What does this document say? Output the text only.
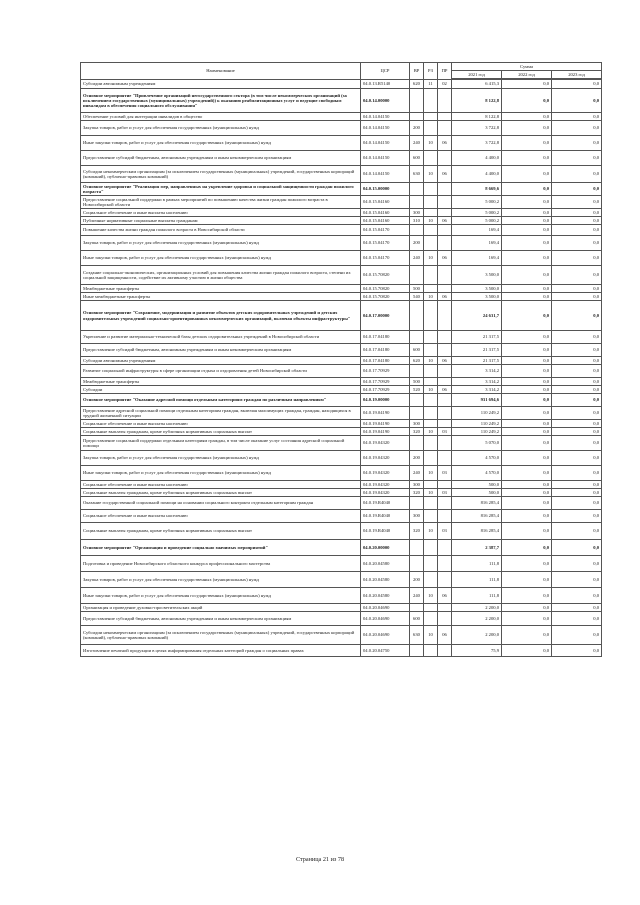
Наименование	ЦСР	ВР	РЗ	ПР	Сумма		
					2021 год	2022 год	2023 год

Субсидии автономным учреждениям	04.0.13.R5140	620	11	02	6 415,3	0,0	0,0
Основное мероприятие "Привлечение организаций негосударственного сектора (в том числе некоммерческих организаций (за исключением государственных (муниципальных) учреждений)) к оказанию реабилитационных услуг и ведущие свободным инвалидам в обеспечения социального обслуживания"	04.0.14.00000				8 122,8	0,0	0,0
Обеспечение условий для интеграции инвалидов в общество	04.0.14.04150				8 122,8	0,0	0,0
Закупка товаров, работ и услуг для обеспечения государственных (муниципальных) нужд	04.0.14.04150	200			3 722,8	0,0	0,0
Иные закупки товаров, работ и услуг для обеспечения государственных (муниципальных) нужд	04.0.14.04150	240	10	06	3 722,8	0,0	0,0
Предоставление субсидий бюджетным, автономным учреждениям и иным некоммерческим организациям	04.0.14.04150	600			4 400,0	0,0	0,0
Субсидии некоммерческим организациям (за исключением государственных (муниципальных) учреждений, государственных корпораций (компаний), публично-правовых компаний)	04.0.14.04150	630	10	06	4 400,0	0,0	0,0
Основное мероприятие "Реализация мер, направленных на укрепление здоровья и социальной защищенности граждан пожилого возраста"	04.0.15.00000				8 669,6	0,0	0,0
Предоставление социальной поддержки в рамках мероприятий по повышению качества жизни граждан пожилого возраста в Новосибирской области	04.0.15.04160				5 000,2	0,0	0,0
Социальное обеспечение и иные выплаты населению	04.0.15.04160	300			5 000,2	0,0	0,0
Публичные нормативные социальные выплаты гражданам	04.0.15.04160	310	10	06	5 000,2	0,0	0,0
Повышение качества жизни граждан пожилого возраста в Новосибирской области	04.0.15.04170				169,4	0,0	0,0
Закупка товаров, работ и услуг для обеспечения государственных (муниципальных) нужд	04.0.15.04170	200			169,4	0,0	0,0
Иные закупки товаров, работ и услуг для обеспечения государственных (муниципальных) нужд	04.0.15.04170	240	10	06	169,4	0,0	0,0
Создание социально-экономических, организационных условий для повышения качества жизни граждан пожилого возраста, степени их социальной защищенности, содействие их активному участию в жизни общества	04.0.15.70820				3 500,0	0,0	0,0
Межбюджетные трансферты	04.0.15.70820	500			3 500,0	0,0	0,0
Иные межбюджетные трансферты	04.0.15.70820	540	10	06	3 500,0	0,0	0,0
Основное мероприятие "Сохранение, модернизация и развитие объектов детских оздоровительных учреждений и детских оздоровительных учреждений социально-ориентированных некоммерческих организаций, включая объекты инфраструктуры"	04.0.17.00000				24 631,7	0,0	0,0
Укрепление и развитие материально-технической базы детских оздоровительных учреждений в Новосибирской области	04.0.17.04180				21 317,5	0,0	0,0
Предоставление субсидий бюджетным, автономным учреждениям и иным некоммерческим организациям	04.0.17.04180	600			21 317,5	0,0	0,0
Субсидии автономным учреждениям	04.0.17.04180	620	10	06	21 317,5	0,0	0,0
Развитие социальной инфраструктуры в сфере организации отдыха и оздоровления детей Новосибирской области	04.0.17.70929				3 314,2	0,0	0,0
Межбюджетные трансферты	04.0.17.70929	500			3 314,2	0,0	0,0
Субсидии	04.0.17.70929	520	10	06	3 314,2	0,0	0,0
Основное мероприятие "Оказание адресной помощи отдельным категориям граждан по различным направлениям"	04.0.19.00000				931 694,6	0,0	0,0
Предоставление адресной социальной помощи отдельным категориям граждан, включая малоимущих граждан, граждан, находящихся в трудной жизненной ситуации	04.0.19.04190				110 249,2	0,0	0,0
Социальное обеспечение и иные выплаты населению	04.0.19.04190	300			110 249,2	0,0	0,0
Социальные выплаты гражданам, кроме публичных нормативных социальных выплат	04.0.19.04190	320	10	03	110 249,2	0,0	0,0
Предоставление социальной поддержки отдельным категориям граждан, в том числе оказание услуг состояния адресной социальной помощи	04.0.19.04320				5 070,0	0,0	0,0
Закупка товаров, работ и услуг для обеспечения государственных (муниципальных) нужд	04.0.19.04320	200			4 570,0	0,0	0,0
Иные закупки товаров, работ и услуг для обеспечения государственных (муниципальных) нужд	04.0.19.04320	240	10	03	4 570,0	0,0	0,0
Социальное обеспечение и иные выплаты населению	04.0.19.04320	300			500,0	0,0	0,0
Социальные выплаты гражданам, кроме публичных нормативных социальных выплат	04.0.19.04320	320	10	03	500,0	0,0	0,0
Оказание государственной социальной помощи на основании социального контракта отдельным категориям граждан	04.0.19.R4040				816 285,4	0,0	0,0
Социальное обеспечение и иные выплаты населению	04.0.19.R4040	300			816 285,4	0,0	0,0
Социальные выплаты гражданам, кроме публичных нормативных социальных выплат	04.0.19.R4040	320	10	03	816 285,4	0,0	0,0
Основное мероприятие "Организация и проведение социально значимых мероприятий"	04.0.20.00000				2 387,7	0,0	0,0
Подготовка и проведение Новосибирского областного конкурса профессионального мастерства	04.0.20.04580				111,8	0,0	0,0
Закупка товаров, работ и услуг для обеспечения государственных (муниципальных) нужд	04.0.20.04580	200			111,8	0,0	0,0
Иные закупки товаров, работ и услуг для обеспечения государственных (муниципальных) нужд	04.0.20.04580	240	10	06	111,8	0,0	0,0
Организация и проведение духовно-просветительских акций	04.0.20.04690				2 200,0	0,0	0,0
Предоставление субсидий бюджетным, автономным учреждениям и иным некоммерческим организациям	04.0.20.04690	600			2 200,0	0,0	0,0
Субсидии некоммерческим организациям (за исключением государственных (муниципальных) учреждений, государственных корпораций (компаний), публично-правовых компаний)	04.0.20.04690	630	10	06	2 200,0	0,0	0,0
Изготовление печатной продукции в целях информирования отдельных категорий граждан о социальных правах	04.0.20.04750				75,9	0,0	0,0
Страница 21 из 78
